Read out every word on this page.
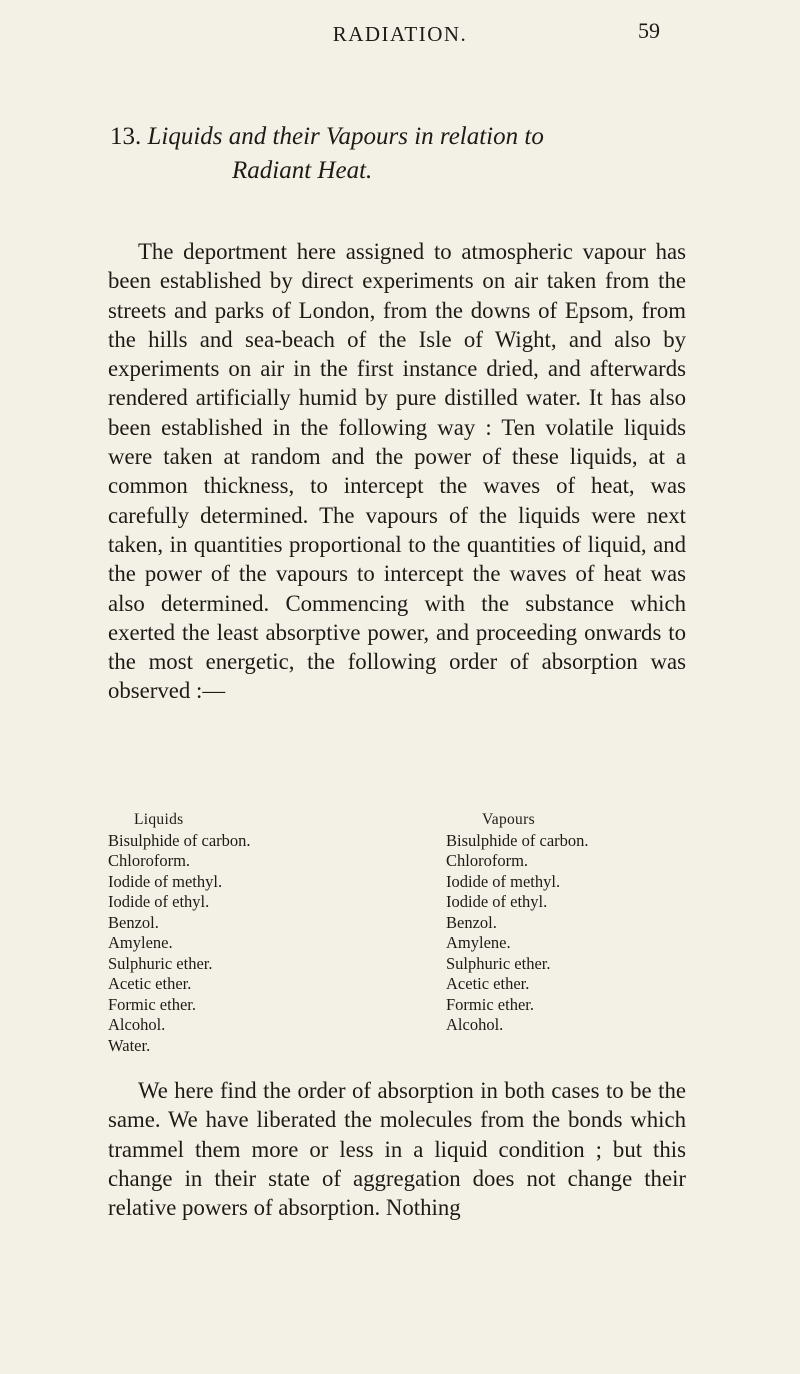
RADIATION.	59
13. Liquids and their Vapours in relation to
Radiant Heat.

The deportment here assigned to atmospheric vapour has been established by direct experiments on air taken from the streets and parks of London, from the downs of Epsom, from the hills and sea-beach of the Isle of Wight, and also by experiments on air in the first instance dried, and afterwards rendered artificially humid by pure distilled water. It has also been established in the following way : Ten volatile liquids were taken at random and the power of these liquids, at a common thickness, to intercept the waves of heat, was carefully determined. The vapours of the liquids were next taken, in quantities proportional to the quantities of liquid, and the power of the vapours to intercept the waves of heat was also determined. Commencing with the substance which exerted the least absorptive power, and proceeding onwards to the most energetic, the following order of absorption was observed :—

Liquids
Bisulphide of carbon.
Chloroform.
Iodide of methyl.
Iodide of ethyl.
Benzol.
Amylene.
Sulphuric ether.
Acetic ether.
Formic ether.
Alcohol.
Water.
Vapours
Bisulphide of carbon.
Chloroform.
Iodide of methyl.
Iodide of ethyl.
Benzol.
Amylene.
Sulphuric ether.
Acetic ether.
Formic ether.
Alcohol.

We here find the order of absorption in both cases to be the same. We have liberated the molecules from the bonds which trammel them more or less in a liquid condition ; but this change in their state of aggregation does not change their relative powers of absorption. Nothing
